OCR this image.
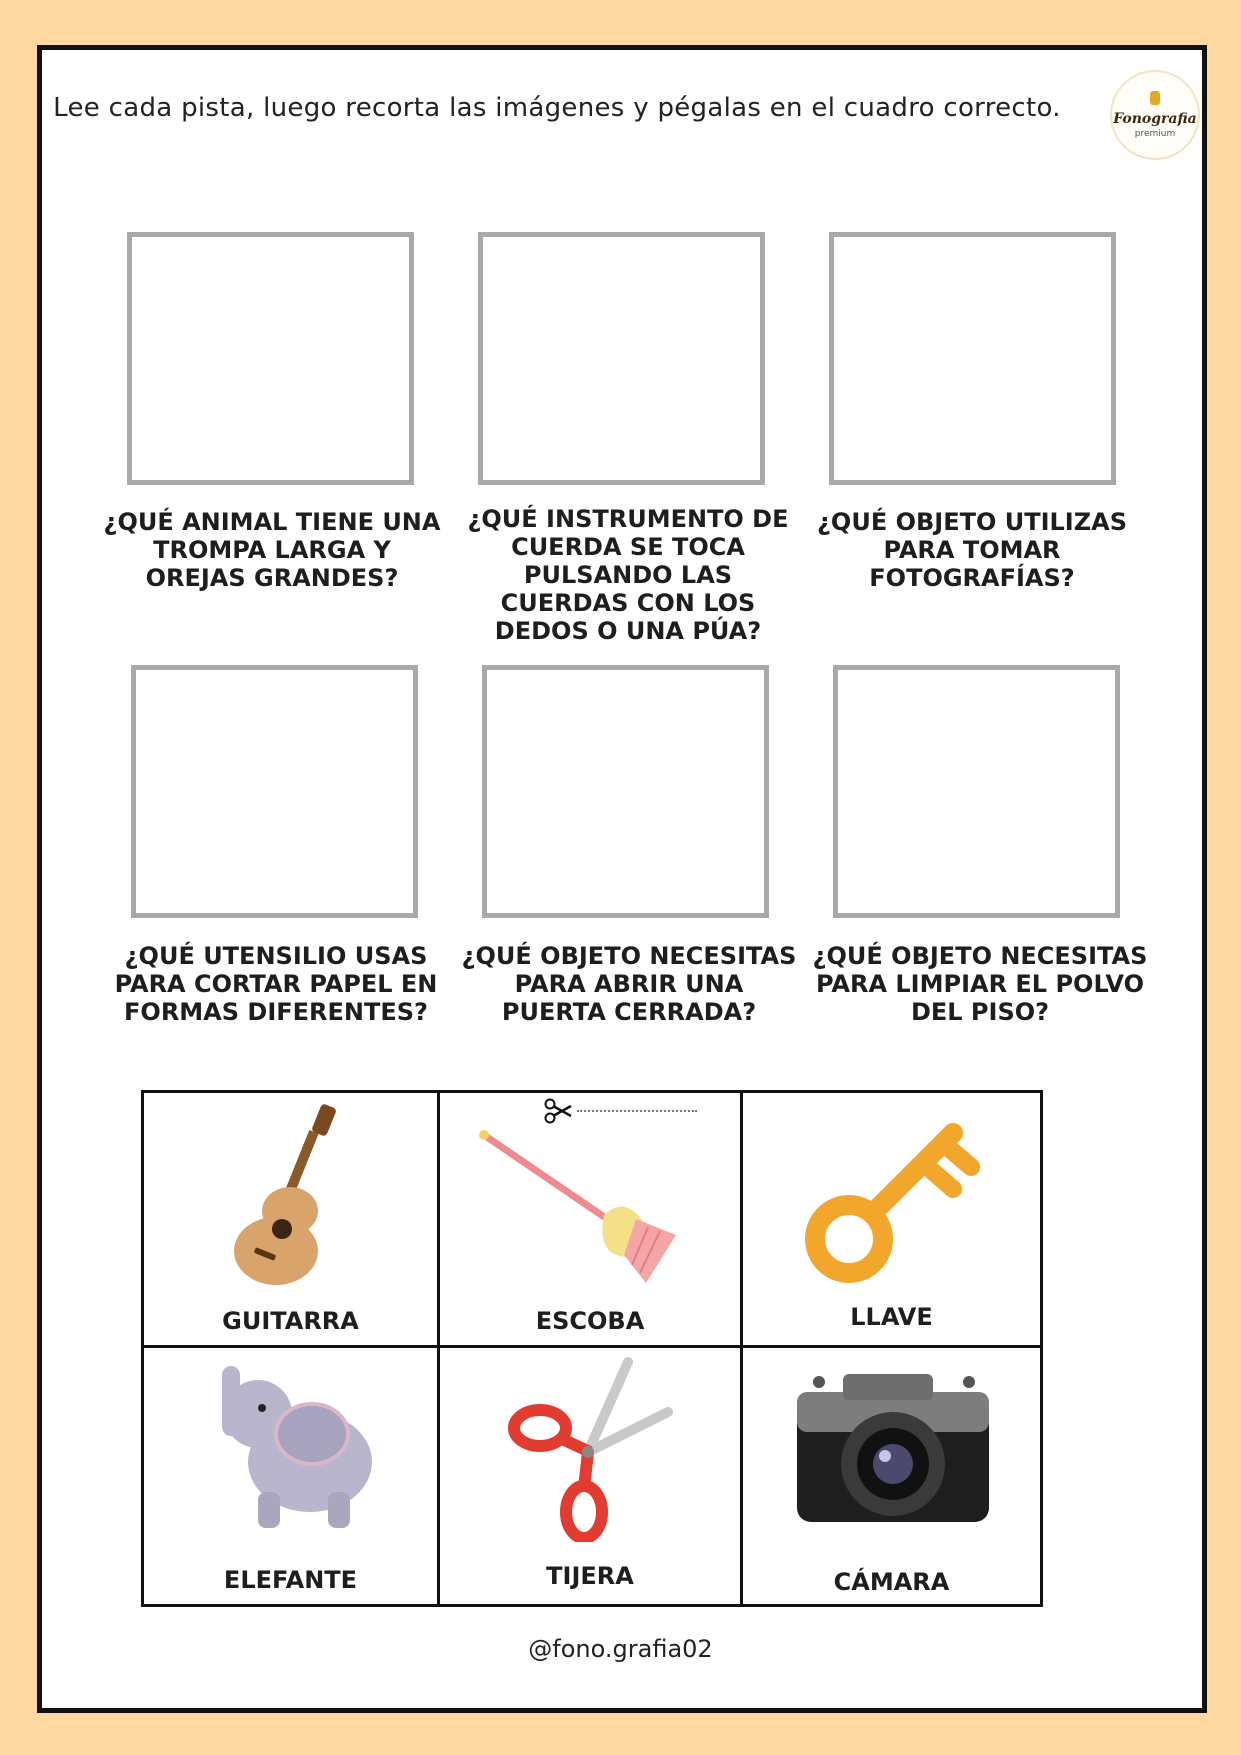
Lee cada pista, luego recorta las imágenes y pégalas en el cuadro correcto.	Fonografia
premium
¿QUÉ ANIMAL TIENE UNA TROMPA LARGA Y OREJAS GRANDES?
¿QUÉ INSTRUMENTO DE CUERDA SE TOCA PULSANDO LAS CUERDAS CON LOS DEDOS O UNA PÚA?
¿QUÉ OBJETO UTILIZAS PARA TOMAR FOTOGRAFÍAS?
¿QUÉ UTENSILIO USAS PARA CORTAR PAPEL EN FORMAS DIFERENTES?
¿QUÉ OBJETO NECESITAS PARA ABRIR UNA PUERTA CERRADA?
¿QUÉ OBJETO NECESITAS PARA LIMPIAR EL POLVO DEL PISO?
GUITARRA	ESCOBA	LLAVE
ELEFANTE	TIJERA	CÁMARA
@fono.grafia02
